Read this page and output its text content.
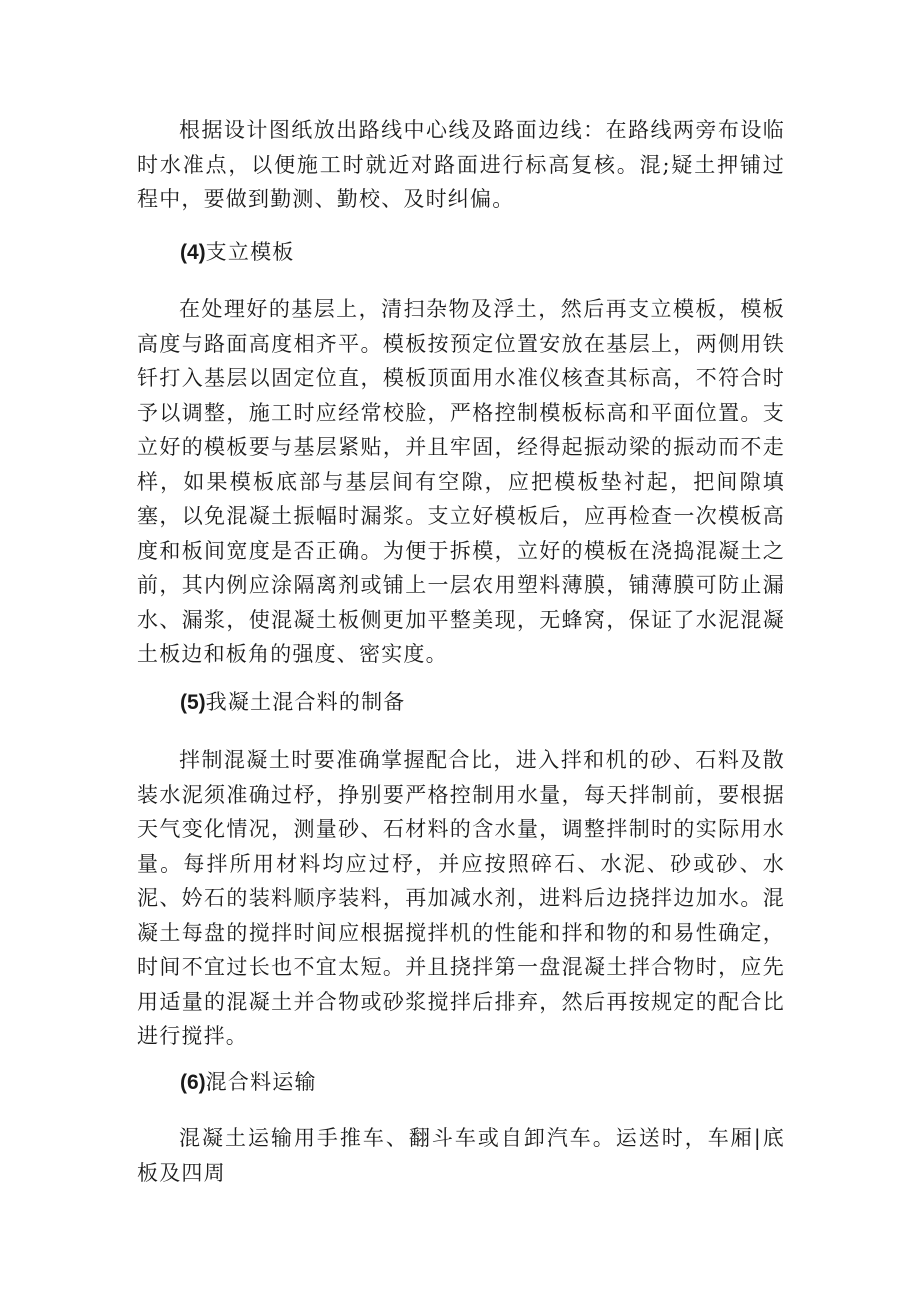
根据设计图纸放出路线中心线及路面边线：在路线两旁布设临时水准点，以便施工时就近对路面进行标高复核。混;疑土押铺过程中，要做到勤测、勤校、及时纠偏。

(4)支立模板

在处理好的基层上，清扫杂物及浮土，然后再支立模板，模板高度与路面高度相齐平。模板按预定位置安放在基层上，两侧用铁钎打入基层以固定位直，模板顶面用水准仪核查其标高，不符合时予以调整，施工时应经常校脸，严格控制模板标高和平面位置。支立好的模板要与基层紧贴，并且牢固，经得起振动梁的振动而不走样，如果模板底部与基层间有空隙，应把模板垫衬起，把间隙填塞，以免混凝土振幅时漏浆。支立好模板后，应再检查一次模板高度和板间宽度是否正确。为便于拆模，立好的模板在浇捣混凝土之前，其内例应涂隔离剂或铺上一层农用塑料薄膜，铺薄膜可防止漏水、漏浆，使混凝土板侧更加平整美现，无蜂窝，保证了水泥混凝土板边和板角的强度、密实度。

(5)我凝土混合料的制备

拌制混凝土时要准确掌握配合比，进入拌和机的砂、石料及散装水泥须准确过杼，挣别要严格控制用水量，每天拌制前，要根据天气变化情况，测量砂、石材料的含水量，调整拌制时的实际用水量。每拌所用材料均应过杼，并应按照碎石、水泥、砂或砂、水泥、妗石的装料顺序装料，再加减水剂，进料后边挠拌边加水。混凝土每盘的搅拌时间应根据搅拌机的性能和拌和物的和易性确定，时间不宜过长也不宜太短。并且挠拌第一盘混凝土拌合物时，应先用适量的混凝土并合物或砂浆搅拌后排弃，然后再按规定的配合比进行搅拌。

(6)混合料运输

混凝土运输用手推车、翻斗车或自卸汽车。运送时，车厢|底板及四周
